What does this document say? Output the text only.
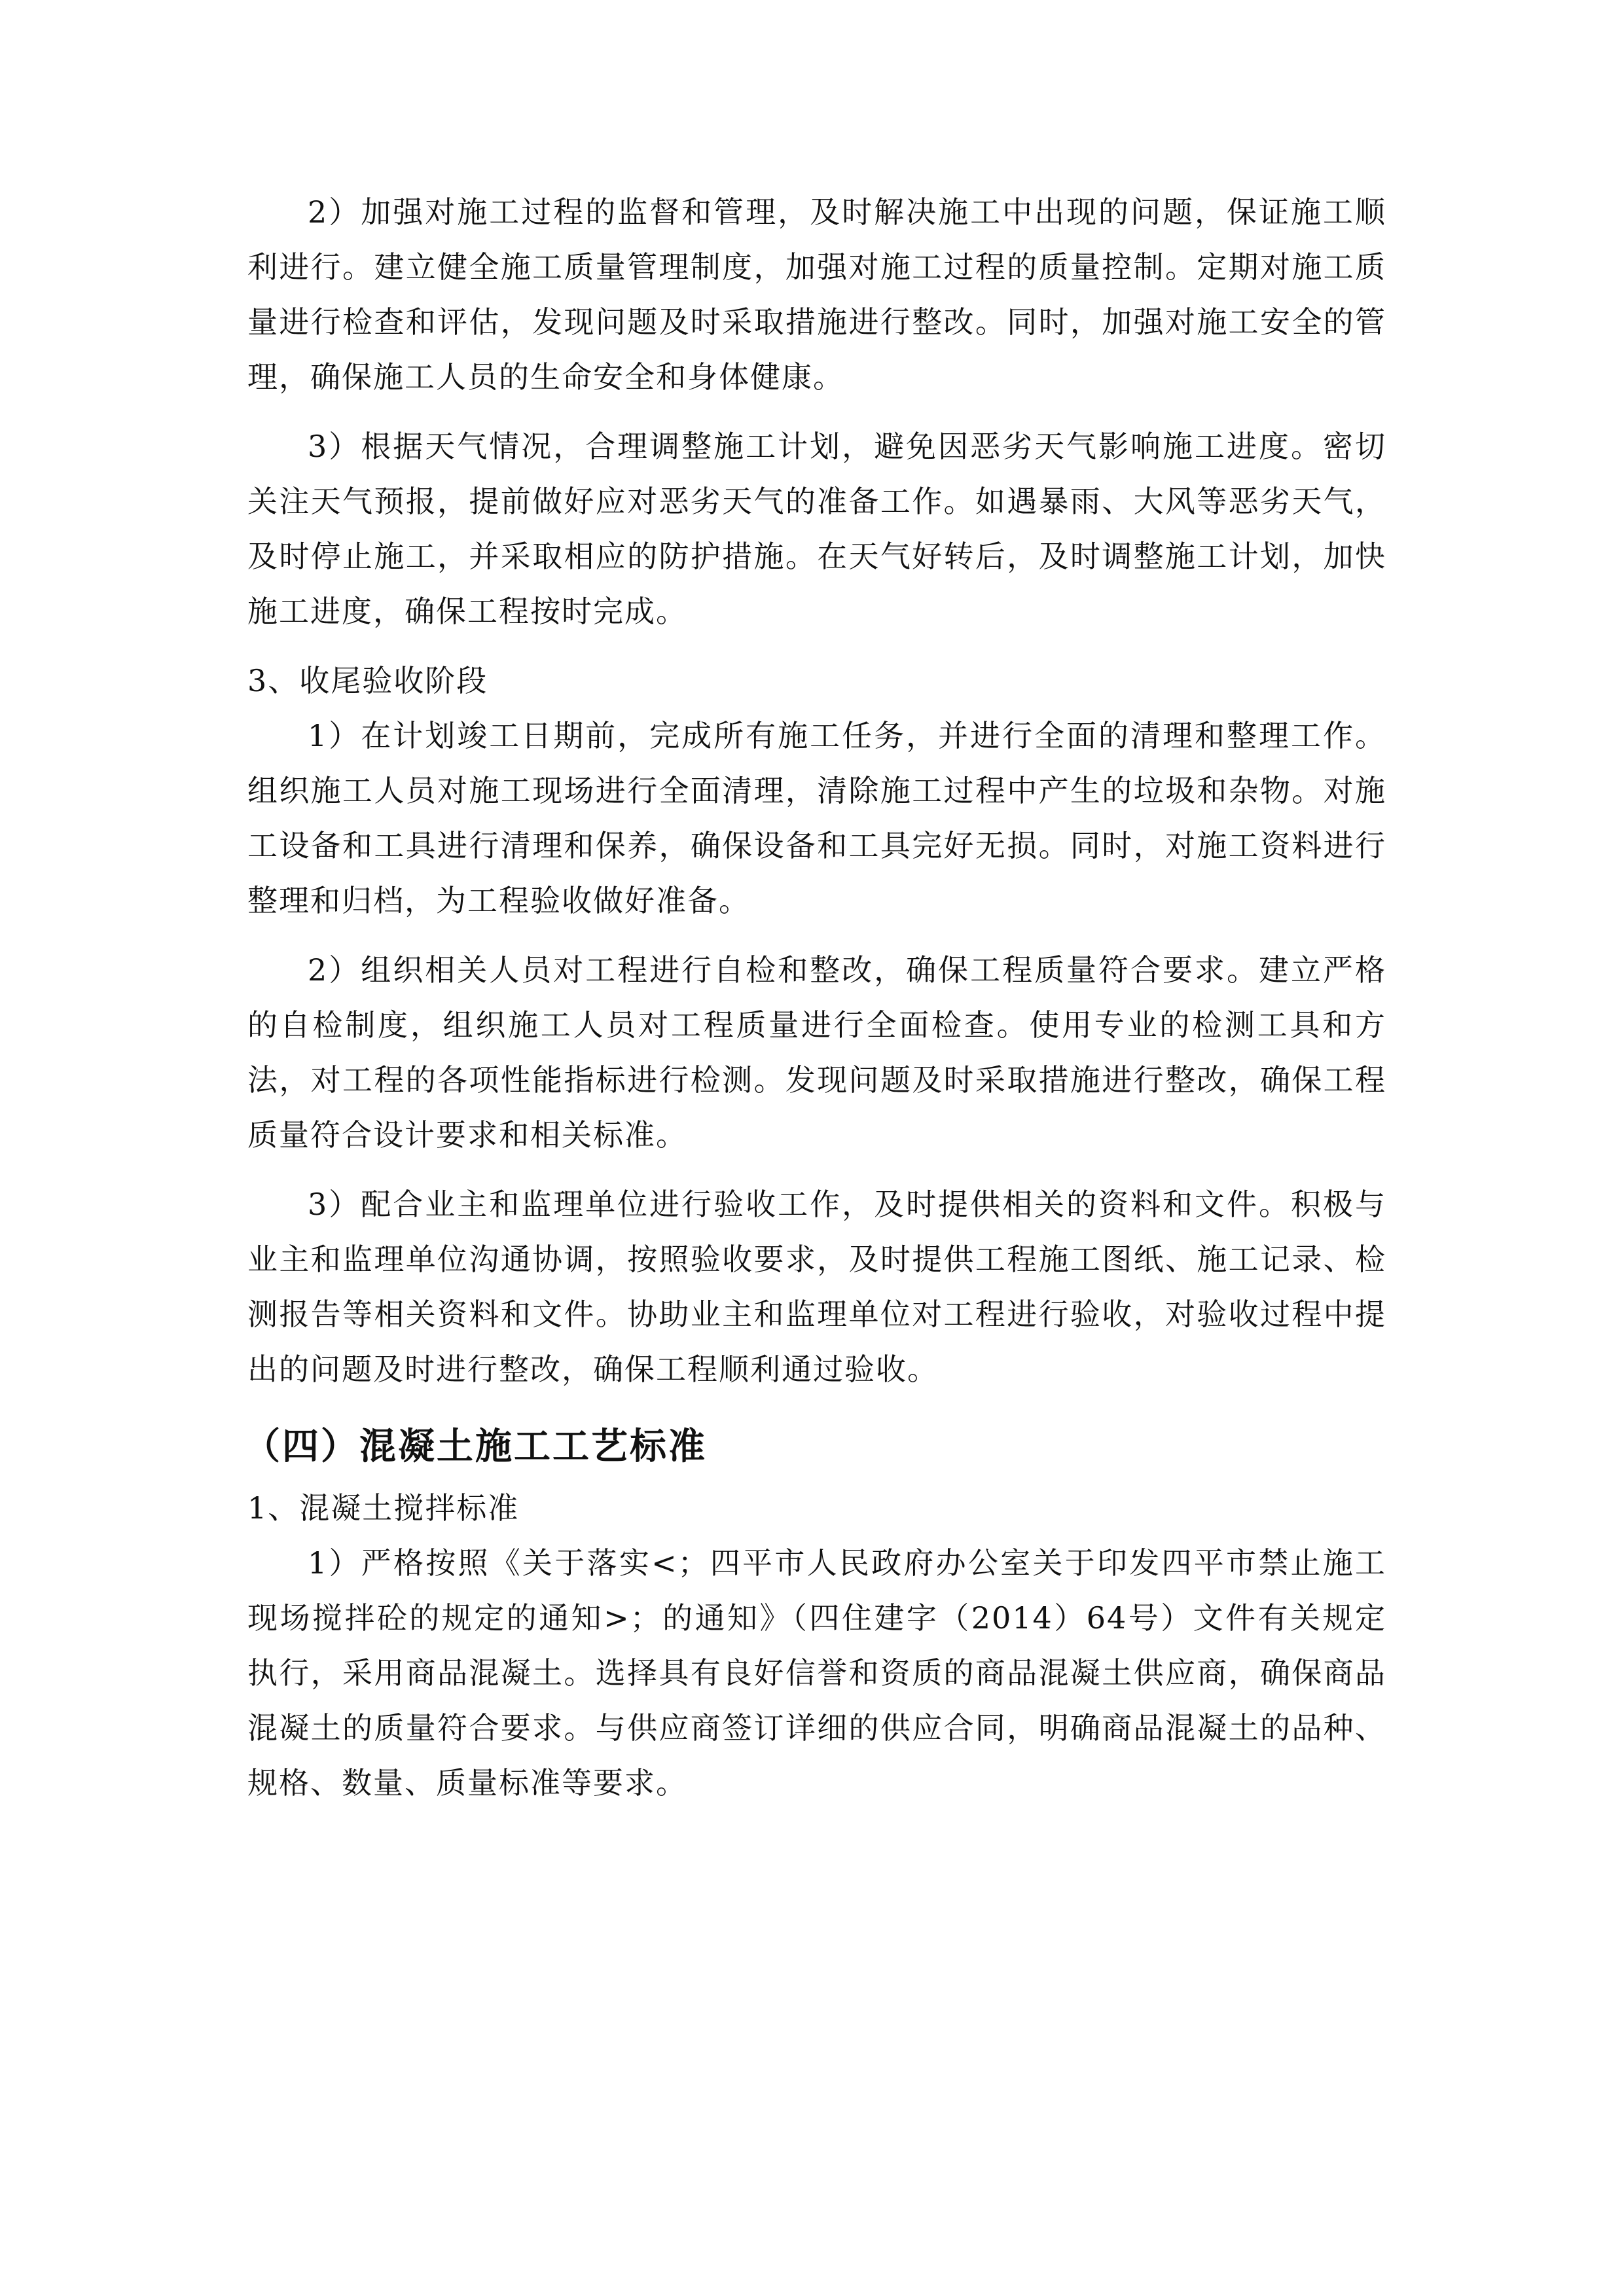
2）加强对施工过程的监督和管理，及时解决施工中出现的问题，保证施工顺利进行。建立健全施工质量管理制度，加强对施工过程的质量控制。定期对施工质量进行检查和评估，发现问题及时采取措施进行整改。同时，加强对施工安全的管理，确保施工人员的生命安全和身体健康。

3）根据天气情况，合理调整施工计划，避免因恶劣天气影响施工进度。密切关注天气预报，提前做好应对恶劣天气的准备工作。如遇暴雨、大风等恶劣天气，及时停止施工，并采取相应的防护措施。在天气好转后，及时调整施工计划，加快施工进度，确保工程按时完成。

3、收尾验收阶段

1）在计划竣工日期前，完成所有施工任务，并进行全面的清理和整理工作。组织施工人员对施工现场进行全面清理，清除施工过程中产生的垃圾和杂物。对施工设备和工具进行清理和保养，确保设备和工具完好无损。同时，对施工资料进行整理和归档，为工程验收做好准备。

2）组织相关人员对工程进行自检和整改，确保工程质量符合要求。建立严格的自检制度，组织施工人员对工程质量进行全面检查。使用专业的检测工具和方法，对工程的各项性能指标进行检测。发现问题及时采取措施进行整改，确保工程质量符合设计要求和相关标准。

3）配合业主和监理单位进行验收工作，及时提供相关的资料和文件。积极与业主和监理单位沟通协调，按照验收要求，及时提供工程施工图纸、施工记录、检测报告等相关资料和文件。协助业主和监理单位对工程进行验收，对验收过程中提出的问题及时进行整改，确保工程顺利通过验收。

（四）混凝土施工工艺标准

1、混凝土搅拌标准

1）严格按照《关于落实<；四平市人民政府办公室关于印发四平市禁止施工现场搅拌砼的规定的通知>；的通知》（四住建字（2014）64号）文件有关规定执行，采用商品混凝土。选择具有良好信誉和资质的商品混凝土供应商，确保商品混凝土的质量符合要求。与供应商签订详细的供应合同，明确商品混凝土的品种、规格、数量、质量标准等要求。
